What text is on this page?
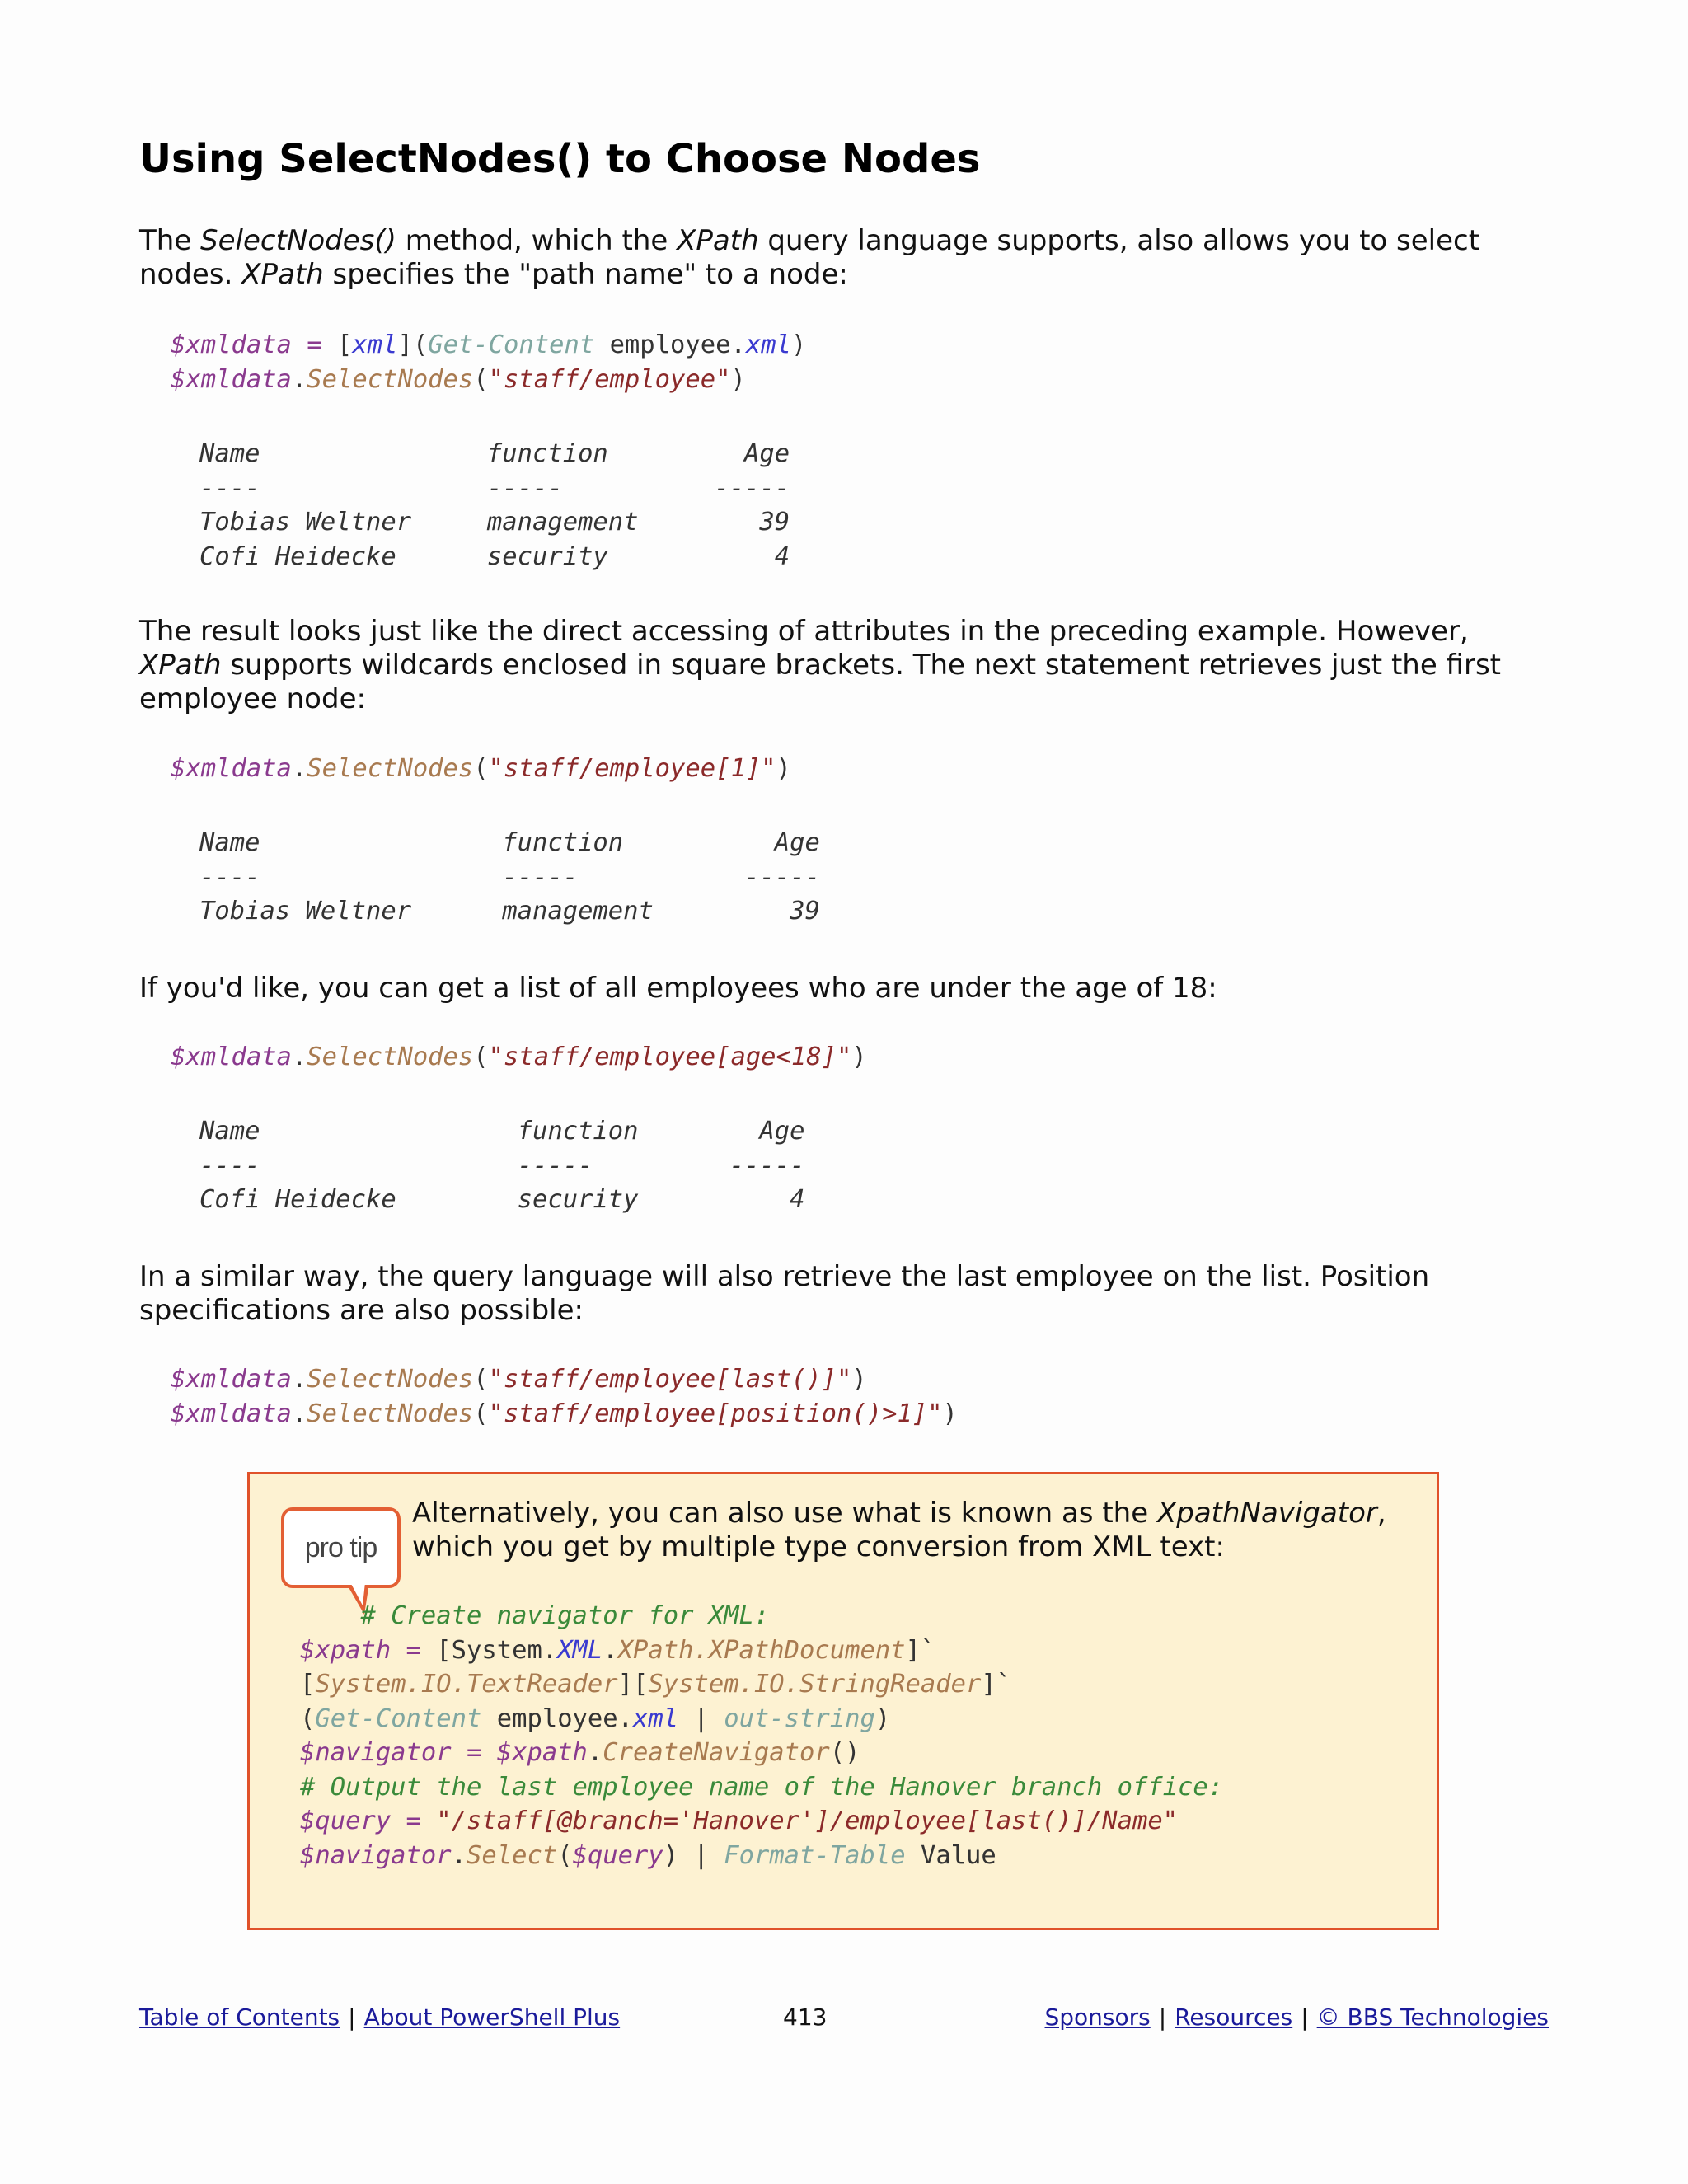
Using SelectNodes() to Choose Nodes

The SelectNodes() method, which the XPath query language supports, also allows you to select nodes. XPath specifies the "path name" to a node:

$xmldata = [xml](Get-Content employee.xml)
$xmldata.SelectNodes("staff/employee")
Name               function         Age
----               -----          -----
Tobias Weltner     management        39
Cofi Heidecke      security           4

The result looks just like the direct accessing of attributes in the preceding example. However, XPath supports wildcards enclosed in square brackets. The next statement retrieves just the first employee node:

$xmldata.SelectNodes("staff/employee[1]")
Name                function          Age
----                -----           -----
Tobias Weltner      management         39

If you'd like, you can get a list of all employees who are under the age of 18:

$xmldata.SelectNodes("staff/employee[age<18]")
Name                 function        Age
----                 -----         -----
Cofi Heidecke        security          4

In a similar way, the query language will also retrieve the last employee on the list. Position specifications are also possible:

$xmldata.SelectNodes("staff/employee[last()]")
$xmldata.SelectNodes("staff/employee[position()>1]")
pro tip

Alternatively, you can also use what is known as the XpathNavigator, which you get by multiple type conversion from XML text:

# Create navigator for XML:
$xpath = [System.XML.XPath.XPathDocument]`
[System.IO.TextReader][System.IO.StringReader]`
(Get-Content employee.xml | out-string)
$navigator = $xpath.CreateNavigator()
# Output the last employee name of the Hanover branch office:
$query = "/staff[@branch='Hanover']/employee[last()]/Name"
$navigator.Select($query) | Format-Table Value
Table of Contents | About PowerShell Plus	413	Sponsors | Resources | © BBS Technologies
